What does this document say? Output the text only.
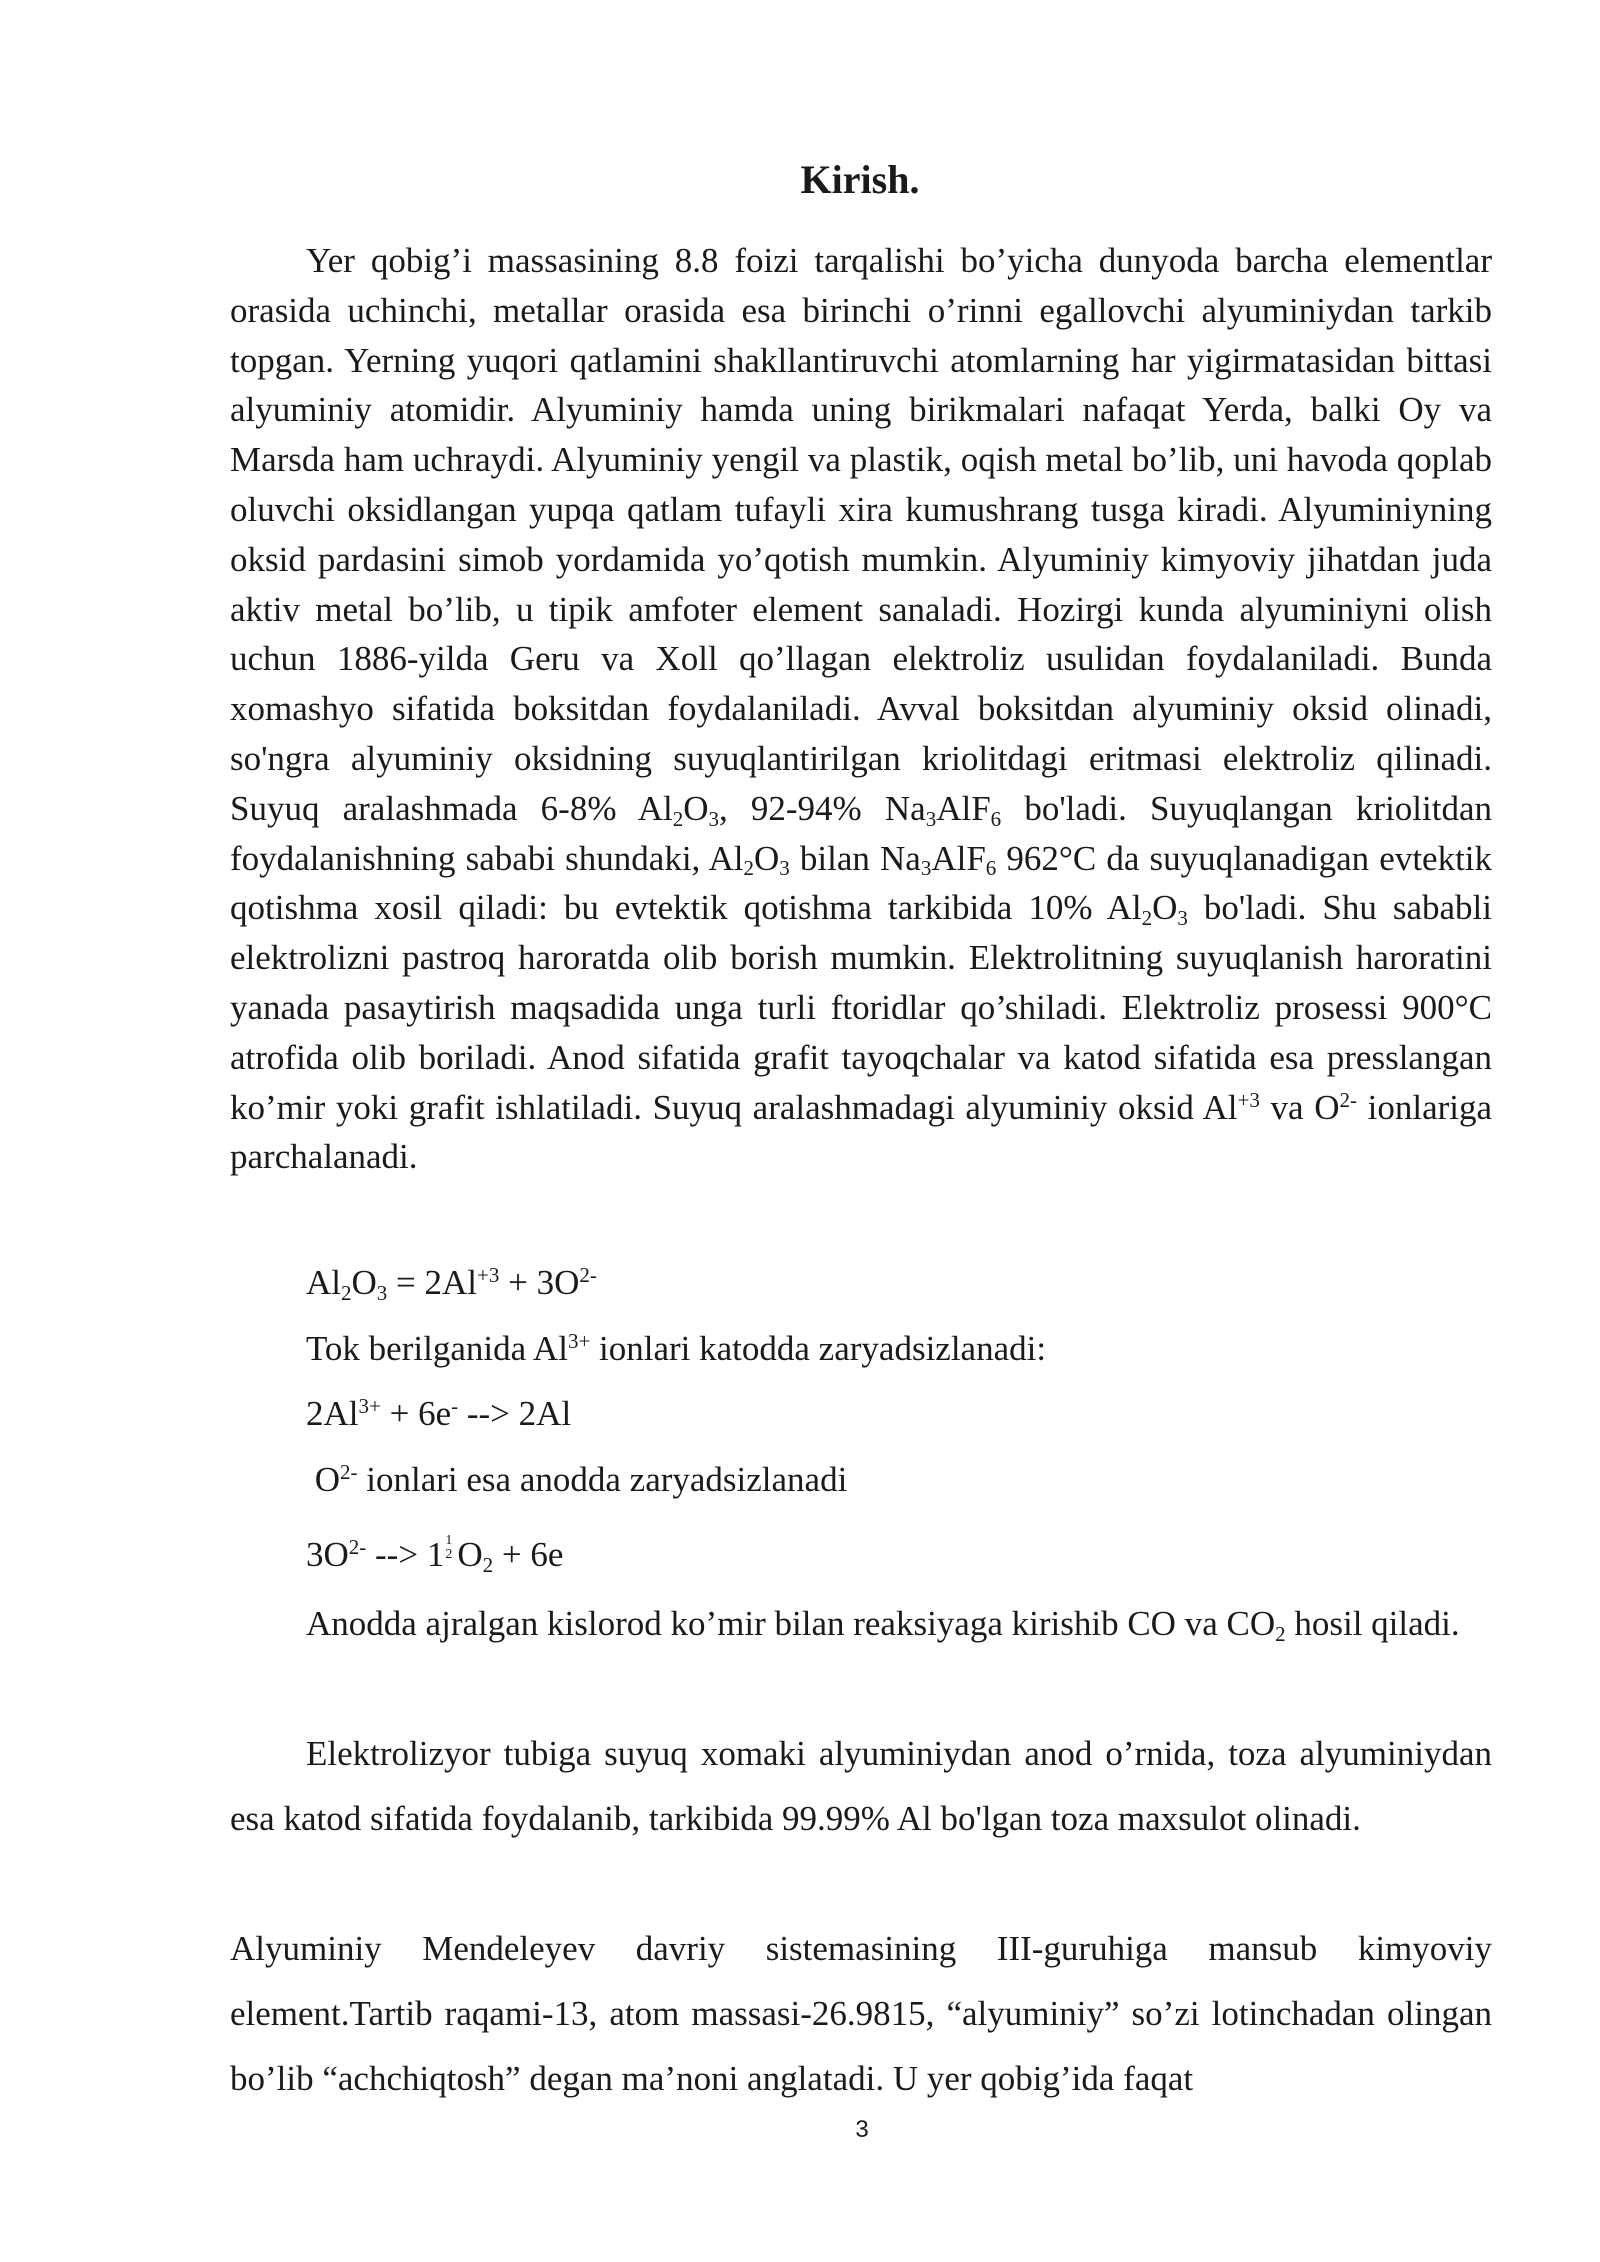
Kirish.
Yer qobig’i massasining 8.8 foizi tarqalishi bo’yicha dunyoda barcha elementlar orasida uchinchi, metallar orasida esa birinchi o’rinni egallovchi alyuminiydan tarkib topgan. Yerning yuqori qatlamini shakllantiruvchi atomlarning har yigirmatasidan bittasi alyuminiy atomidir. Alyuminiy hamda uning birikmalari nafaqat Yerda, balki Oy va Marsda ham uchraydi. Alyuminiy yengil va plastik, oqish metal bo’lib, uni havoda qoplab oluvchi oksidlangan yupqa qatlam tufayli xira kumushrang tusga kiradi. Alyuminiyning oksid pardasini simob yordamida yo’qotish mumkin. Alyuminiy kimyoviy jihatdan juda aktiv metal bo’lib, u tipik amfoter element sanaladi. Hozirgi kunda alyuminiyni olish uchun 1886-yilda Geru va Xoll qo’llagan elektroliz usulidan foydalaniladi. Bunda xomashyo sifatida boksitdan foydalaniladi. Avval boksitdan alyuminiy oksid olinadi, so'ngra alyuminiy oksidning suyuqlantirilgan kriolitdagi eritmasi elektroliz qilinadi. Suyuq aralashmada 6-8% $Al_2O_3$, 92-94% $Na_3AlF_6$ bo'ladi. Suyuqlangan kriolitdan foydalanishning sababi shundaki, $Al_2O_3$ bilan $Na_3AlF_6$ 962°C da suyuqlanadigan evtektik qotishma xosil qiladi: bu evtektik qotishma tarkibida 10% $Al_2O_3$ bo'ladi. Shu sababli elektrolizni pastroq haroratda olib borish mumkin. Elektrolitning suyuqlanish haroratini yanada pasaytirish maqsadida unga turli ftoridlar qo’shiladi. Elektroliz prosessi 900°C atrofida olib boriladi. Anod sifatida grafit tayoqchalar va katod sifatida esa presslangan ko’mir yoki grafit ishlatiladi. Suyuq aralashmadagi alyuminiy oksid $Al^{+3}$ va $O^{2-}$ ionlariga parchalanadi.
$Al_2O_3 = 2Al^{+3} + 3O^{2-}$
Tok berilganida $Al^{3+}$ ionlari katodda zaryadsizlanadi:
$2Al^{3+} + 6e^-$ --> 2Al
$O^{2-}$ ionlari esa anodda zaryadsizlanadi
$3O^{2-}$ --> 1 1
2 $O_2 + 6e$
Anodda ajralgan kislorod ko’mir bilan reaksiyaga kirishib CO va $CO_2$ hosil qiladi.
Elektrolizyor tubiga suyuq xomaki alyuminiydan anod o’rnida, toza alyuminiydan esa katod sifatida foydalanib, tarkibida 99.99% Al bo'lgan toza maxsulot olinadi.
Alyuminiy Mendeleyev davriy sistemasining III-guruhiga mansub kimyoviy element.Tartib raqami-13, atom massasi-26.9815, “alyuminiy” so’zi lotinchadan olingan bo’lib “achchiqtosh” degan ma’noni anglatadi. U yer qobig’ida faqat
3
